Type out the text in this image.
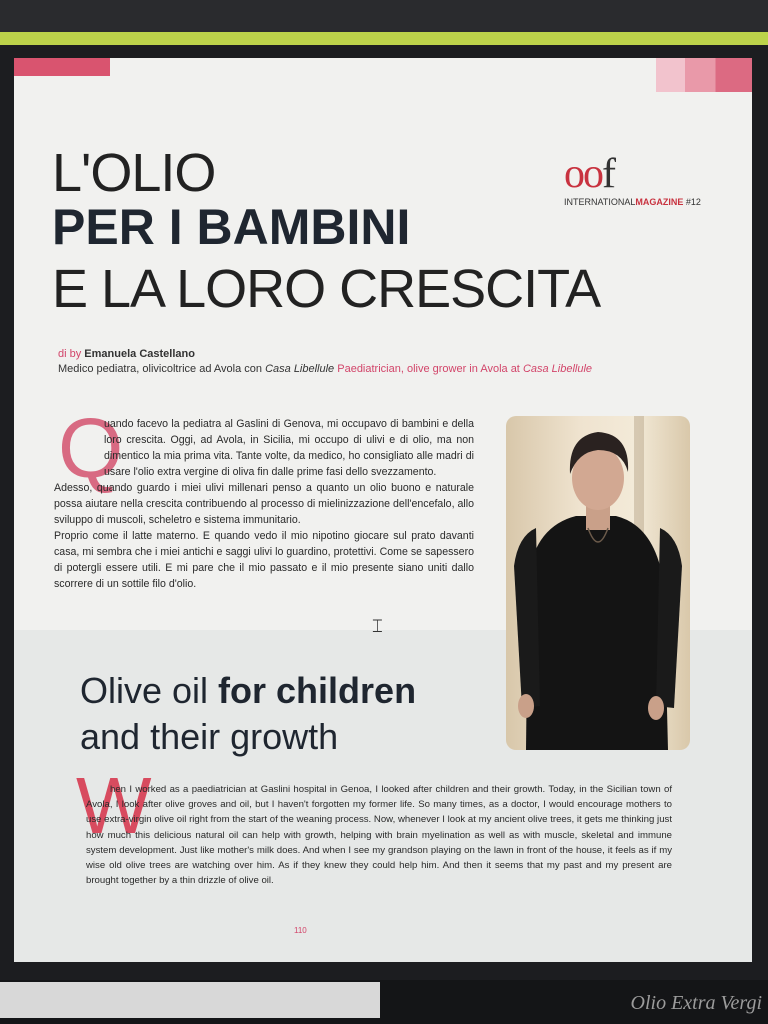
L'OLIO
PER I BAMBINI
E LA LORO CRESCITA
oof
INTERNATIONALMAGAZINE #12
di by Emanuela Castellano
Medico pediatra, olivicoltrice ad Avola con Casa Libellule Paediatrician, olive grower in Avola at Casa Libellule
Q

uando facevo la pediatra al Gaslini di Genova, mi occupavo di bambini e della loro crescita. Oggi, ad Avola, in Sicilia, mi occupo di ulivi e di olio, ma non dimentico la mia prima vita. Tante volte, da medico, ho consigliato alle madri di usare l'olio extra vergine di oliva fin dalle prime fasi dello svezzamento.

Adesso, quando guardo i miei ulivi millenari penso a quanto un olio buono e naturale possa aiutare nella crescita contribuendo al processo di mielinizzazione dell'encefalo, allo sviluppo di muscoli, scheletro e sistema immunitario.

Proprio come il latte materno. E quando vedo il mio nipotino giocare sul prato davanti casa, mi sembra che i miei antichi e saggi ulivi lo guardino, protettivi. Come se sapessero di potergli essere utili. E mi pare che il mio passato e il mio presente siano uniti dallo scorrere di un sottile filo d'olio.

Olive oil for children
and their growth
W

hen I worked as a paediatrician at Gaslini hospital in Genoa, I looked after children and their growth. Today, in the Sicilian town of Avola, I look after olive groves and oil, but I haven't forgotten my former life. So many times, as a doctor, I would encourage mothers to use extra-virgin olive oil right from the start of the weaning process. Now, whenever I look at my ancient olive trees, it gets me thinking just how much this delicious natural oil can help with growth, helping with brain myelination as well as with muscle, skeletal and immune system development. Just like mother's milk does. And when I see my grandson playing on the lawn in front of the house, it feels as if my wise old olive trees are watching over him. As if they knew they could help him. And then it seems that my past and my present are brought together by a thin drizzle of olive oil.

110
⌶
Olio Extra Vergi
